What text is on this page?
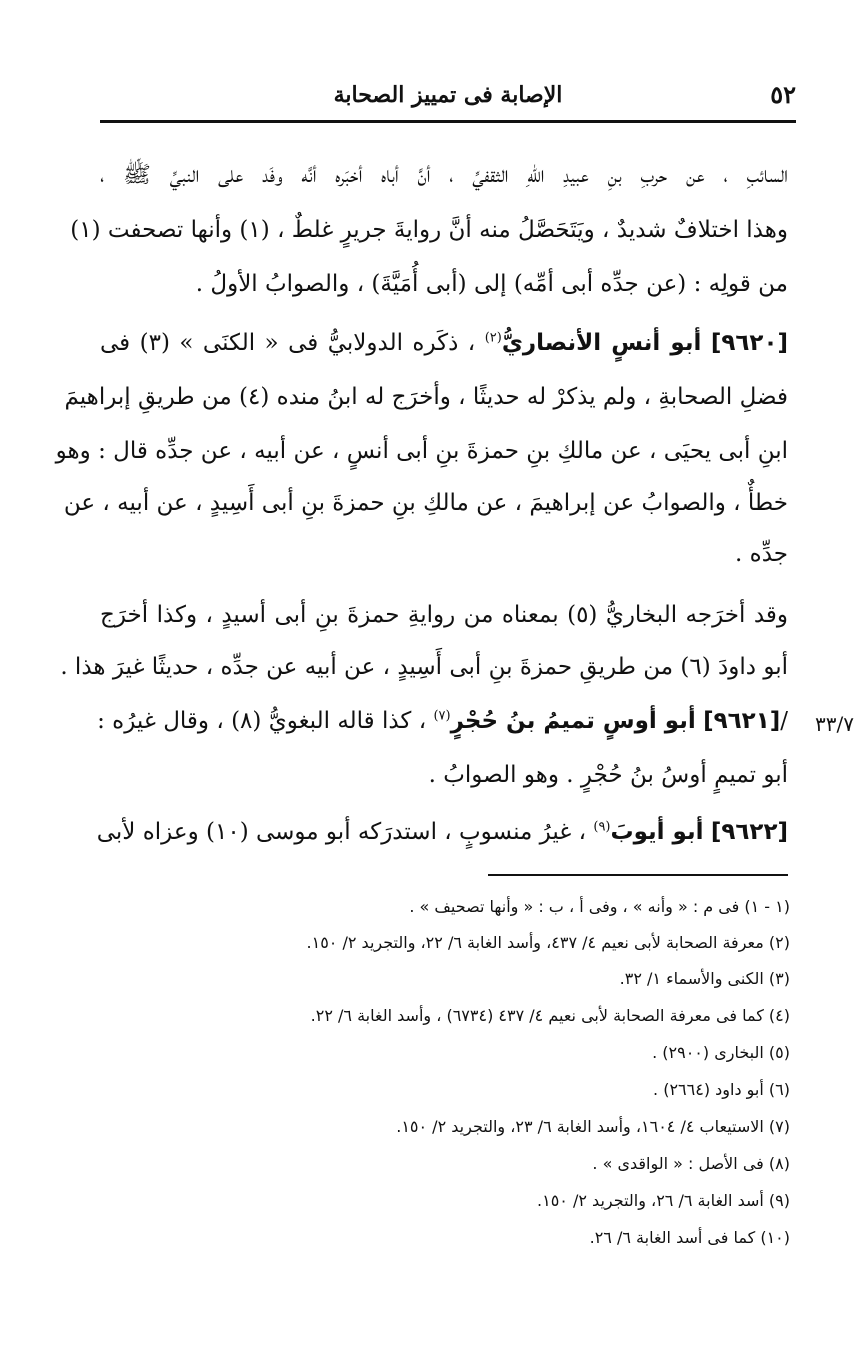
٥٢
الإصابة فى تمييز الصحابة
السائبِ ، عن حربِ بنِ عبيدِ اللهِ الثقفيِّ ، أنَّ أباه أخبَره أنَّه وفَد على النبيِّ ﷺ ،
وهذا اختلافٌ شديدٌ ، ويَتَحَصَّلُ منه أنَّ روايةَ جريرٍ غلطٌ ، (١) وأنها تصحفت (١)
من قولِه : (عن جدِّه أبى أمِّه) إلى (أبى أُمَيَّةَ) ، والصوابُ الأولُ .
[٩٦٢٠] أبو أنسٍ الأنصاريُّ$^{(٢)}$ ، ذكَره الدولابيُّ فى « الكنَى » (٣) فى
فضلِ الصحابةِ ، ولم يذكرْ له حديثًا ، وأخرَج له ابنُ منده (٤) من طريقِ إبراهيمَ
ابنِ أبى يحيَى ، عن مالكِ بنِ حمزةَ بنِ أبى أنسٍ ، عن أبيه ، عن جدِّه قال : وهو
خطأٌ ، والصوابُ عن إبراهيمَ ، عن مالكِ بنِ حمزةَ بنِ أبى أَسِيدٍ ، عن أبيه ، عن
جدِّه .
وقد أخرَجه البخاريُّ (٥) بمعناه من روايةِ حمزةَ بنِ أبى أسيدٍ ، وكذا أخرَج
أبو داودَ (٦) من طريقِ حمزةَ بنِ أبى أَسِيدٍ ، عن أبيه عن جدِّه ، حديثًا غيرَ هذا .
٣٣/٧
/[٩٦٢١] أبو أوسٍ تميمُ بنُ حُجْرٍ$^{(٧)}$ ، كذا قاله البغويُّ (٨) ، وقال غيرُه :
أبو تميمٍ أوسُ بنُ حُجْرٍ . وهو الصوابُ .
[٩٦٢٢] أبو أيوبَ$^{(٩)}$ ، غيرُ منسوبٍ ، استدرَكه أبو موسى (١٠) وعزاه لأبى
(١ - ١) فى م : « وأنه » ، وفى أ ، ب : « وأنها تصحيف » .
(٢) معرفة الصحابة لأبى نعيم ٤/ ٤٣٧، وأسد الغابة ٦/ ٢٢، والتجريد ٢/ ١٥٠.
(٣) الكنى والأسماء ١/ ٣٢.
(٤) كما فى معرفة الصحابة لأبى نعيم ٤/ ٤٣٧ (٦٧٣٤) ، وأسد الغابة ٦/ ٢٢.
(٥) البخارى (٢٩٠٠) .
(٦) أبو داود (٢٦٦٤) .
(٧) الاستيعاب ٤/ ١٦٠٤، وأسد الغابة ٦/ ٢٣، والتجريد ٢/ ١٥٠.
(٨) فى الأصل : « الواقدى » .
(٩) أسد الغابة ٦/ ٢٦، والتجريد ٢/ ١٥٠.
(١٠) كما فى أسد الغابة ٦/ ٢٦.
